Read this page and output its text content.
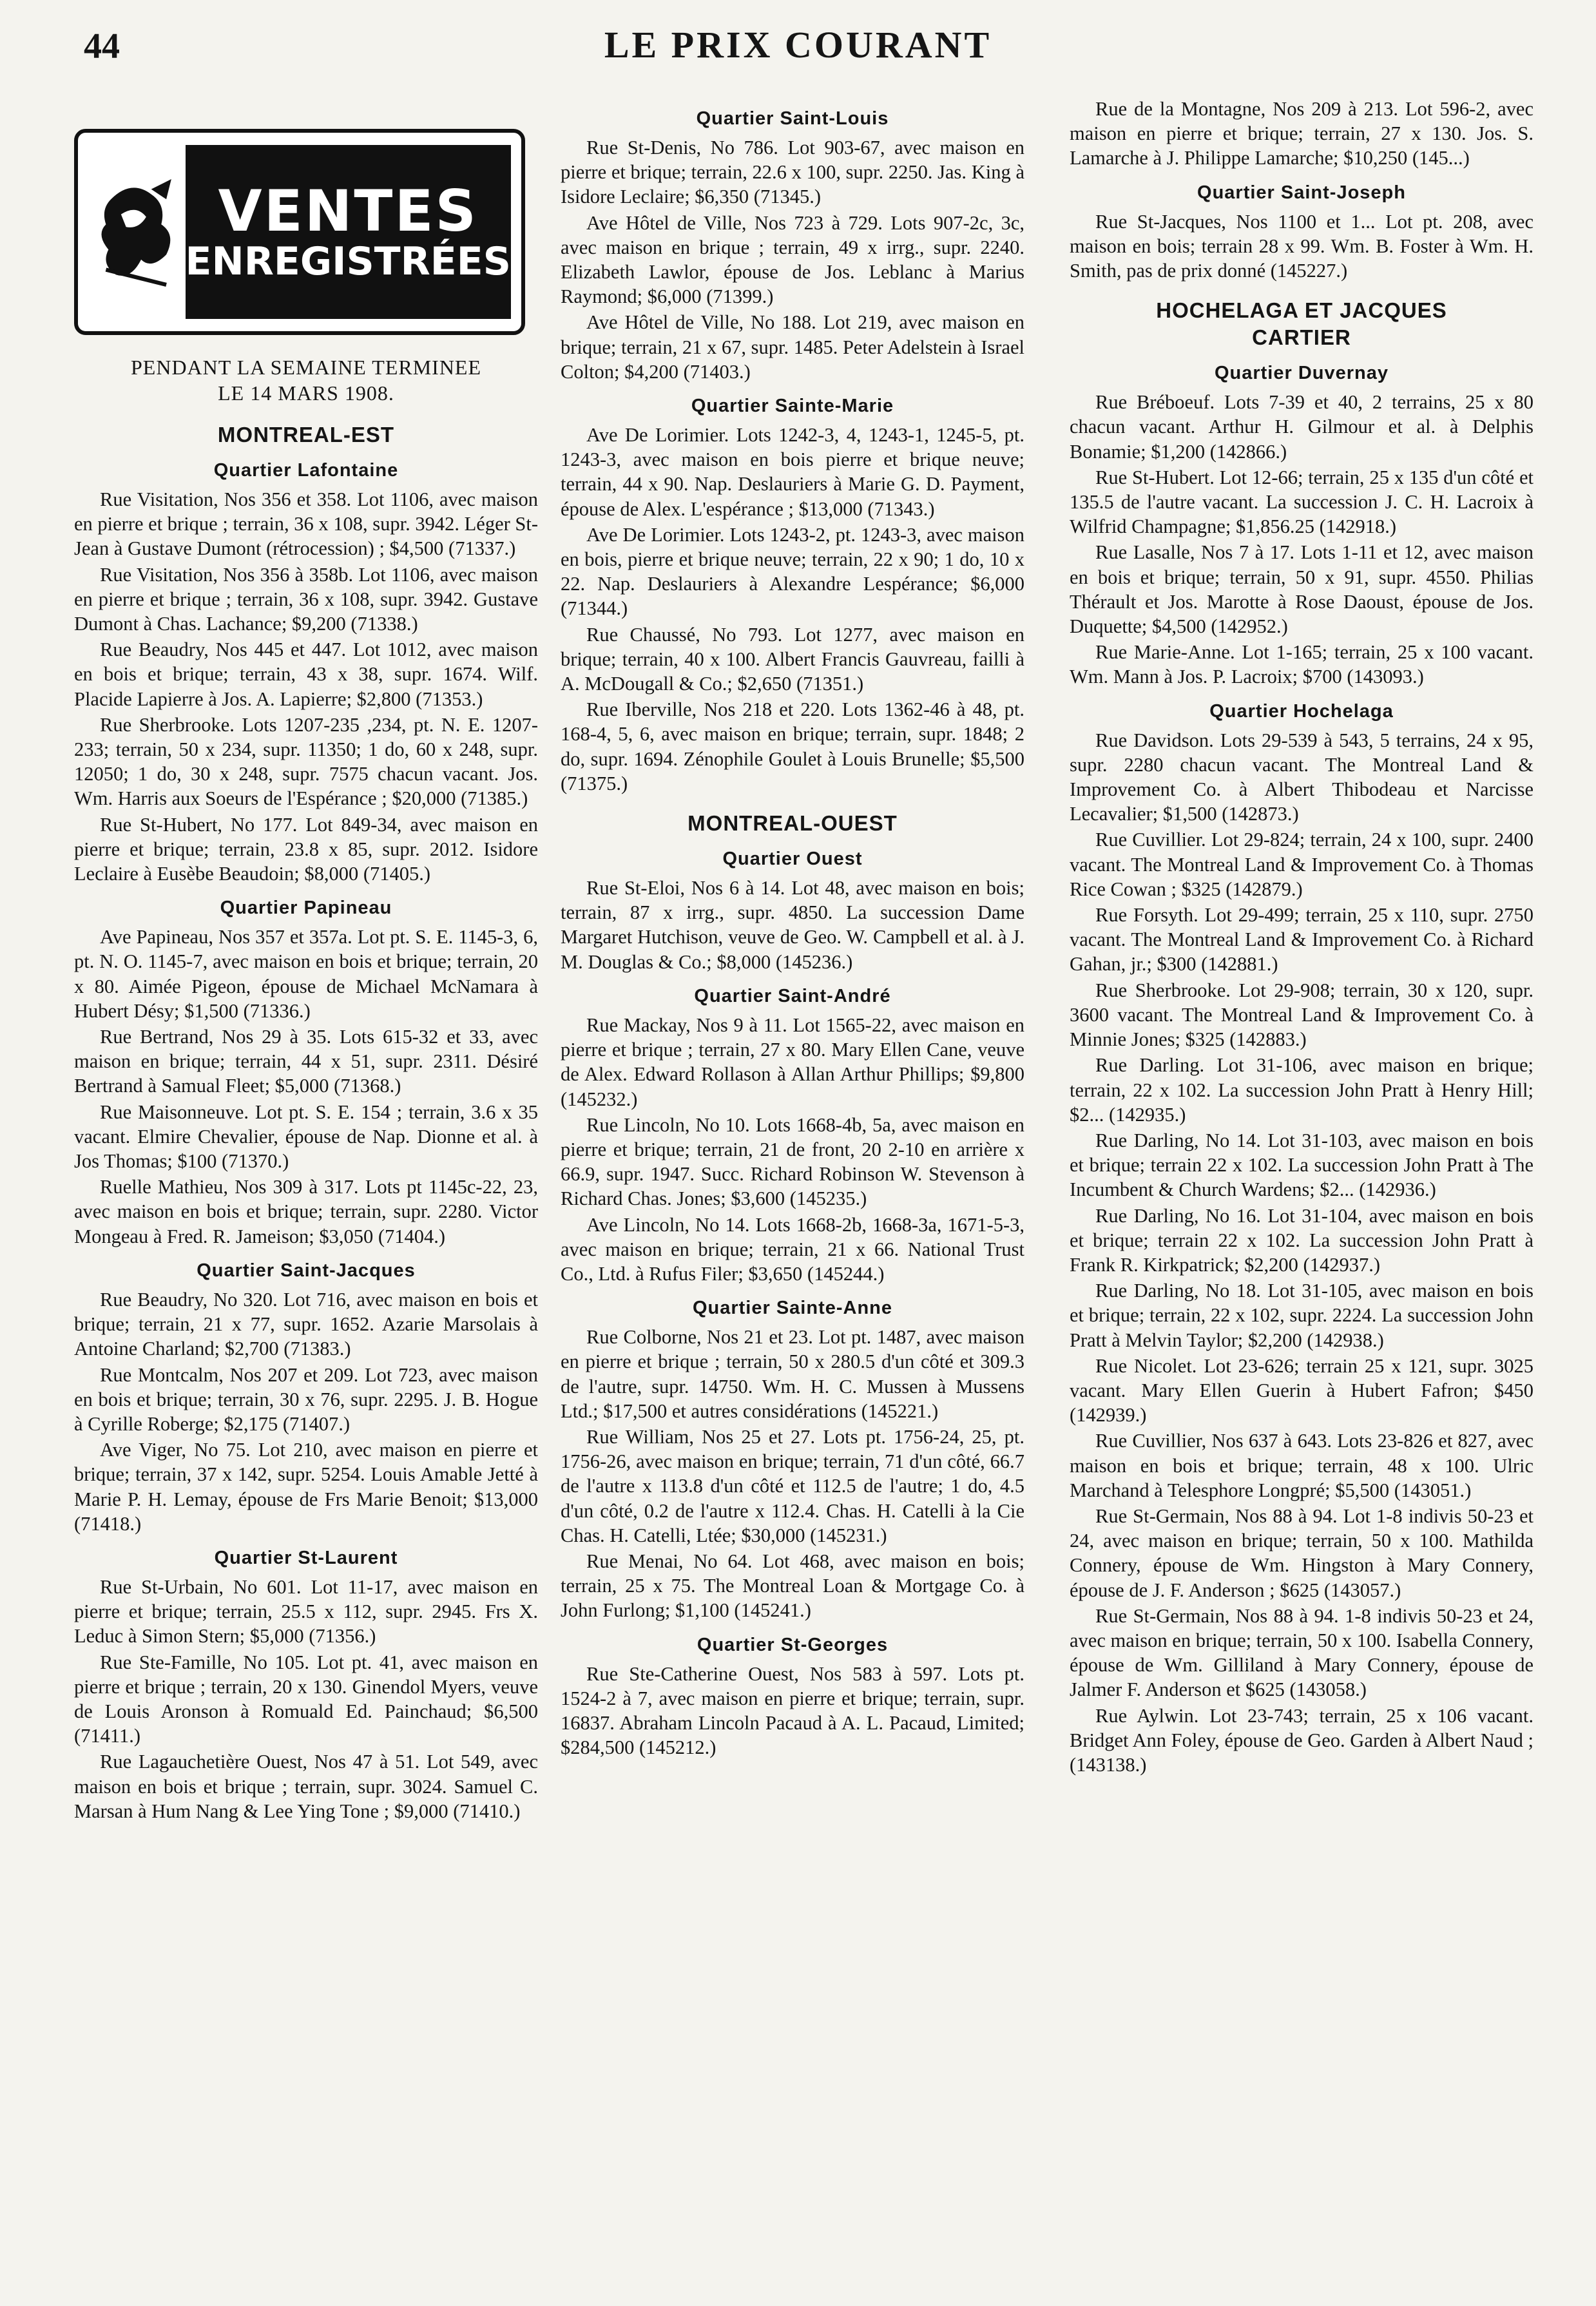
44	LE PRIX COURANT
VENTES
ENREGISTRÉES
PENDANT LA SEMAINE TERMINEE
LE 14 MARS 1908.
MONTREAL-EST
Quartier Lafontaine

Rue Visitation, Nos 356 et 358. Lot 1106, avec maison en pierre et brique ; terrain, 36 x 108, supr. 3942. Léger St-Jean à Gustave Dumont (rétrocession) ; $4,500 (71337.)

Rue Visitation, Nos 356 à 358b. Lot 1106, avec maison en pierre et brique ; terrain, 36 x 108, supr. 3942. Gustave Dumont à Chas. Lachance; $9,200 (71338.)

Rue Beaudry, Nos 445 et 447. Lot 1012, avec maison en bois et brique; terrain, 43 x 38, supr. 1674. Wilf. Placide Lapierre à Jos. A. Lapierre; $2,800 (71353.)

Rue Sherbrooke. Lots 1207-235 ,234, pt. N. E. 1207-233; terrain, 50 x 234, supr. 11350; 1 do, 60 x 248, supr. 12050; 1 do, 30 x 248, supr. 7575 chacun vacant. Jos. Wm. Harris aux Soeurs de l'Espérance ; $20,000 (71385.)

Rue St-Hubert, No 177. Lot 849-34, avec maison en pierre et brique; terrain, 23.8 x 85, supr. 2012. Isidore Leclaire à Eusèbe Beaudoin; $8,000 (71405.)

Quartier Papineau

Ave Papineau, Nos 357 et 357a. Lot pt. S. E. 1145-3, 6, pt. N. O. 1145-7, avec maison en bois et brique; terrain, 20 x 80. Aimée Pigeon, épouse de Michael McNamara à Hubert Désy; $1,500 (71336.)

Rue Bertrand, Nos 29 à 35. Lots 615-32 et 33, avec maison en brique; terrain, 44 x 51, supr. 2311. Désiré Bertrand à Samual Fleet; $5,000 (71368.)

Rue Maisonneuve. Lot pt. S. E. 154 ; terrain, 3.6 x 35 vacant. Elmire Chevalier, épouse de Nap. Dionne et al. à Jos Thomas; $100 (71370.)

Ruelle Mathieu, Nos 309 à 317. Lots pt 1145c-22, 23, avec maison en bois et brique; terrain, supr. 2280. Victor Mongeau à Fred. R. Jameison; $3,050 (71404.)

Quartier Saint-Jacques

Rue Beaudry, No 320. Lot 716, avec maison en bois et brique; terrain, 21 x 77, supr. 1652. Azarie Marsolais à Antoine Charland; $2,700 (71383.)

Rue Montcalm, Nos 207 et 209. Lot 723, avec maison en bois et brique; terrain, 30 x 76, supr. 2295. J. B. Hogue à Cyrille Roberge; $2,175 (71407.)

Ave Viger, No 75. Lot 210, avec maison en pierre et brique; terrain, 37 x 142, supr. 5254. Louis Amable Jetté à Marie P. H. Lemay, épouse de Frs Marie Benoit; $13,000 (71418.)

Quartier St-Laurent

Rue St-Urbain, No 601. Lot 11-17, avec maison en pierre et brique; terrain, 25.5 x 112, supr. 2945. Frs X. Leduc à Simon Stern; $5,000 (71356.)

Rue Ste-Famille, No 105. Lot pt. 41, avec maison en pierre et brique ; terrain, 20 x 130. Ginendol Myers, veuve de Louis Aronson à Romuald Ed. Painchaud; $6,500 (71411.)

Rue Lagauchetière Ouest, Nos 47 à 51. Lot 549, avec maison en bois et brique ; terrain, supr. 3024. Samuel C. Marsan à Hum Nang & Lee Ying Tone ; $9,000 (71410.)

Quartier Saint-Louis

Rue St-Denis, No 786. Lot 903-67, avec maison en pierre et brique; terrain, 22.6 x 100, supr. 2250. Jas. King à Isidore Leclaire; $6,350 (71345.)

Ave Hôtel de Ville, Nos 723 à 729. Lots 907-2c, 3c, avec maison en brique ; terrain, 49 x irrg., supr. 2240. Elizabeth Lawlor, épouse de Jos. Leblanc à Marius Raymond; $6,000 (71399.)

Ave Hôtel de Ville, No 188. Lot 219, avec maison en brique; terrain, 21 x 67, supr. 1485. Peter Adelstein à Israel Colton; $4,200 (71403.)

Quartier Sainte-Marie

Ave De Lorimier. Lots 1242-3, 4, 1243-1, 1245-5, pt. 1243-3, avec maison en bois pierre et brique neuve; terrain, 44 x 90. Nap. Deslauriers à Marie G. D. Payment, épouse de Alex. L'espérance ; $13,000 (71343.)

Ave De Lorimier. Lots 1243-2, pt. 1243-3, avec maison en bois, pierre et brique neuve; terrain, 22 x 90; 1 do, 10 x 22. Nap. Deslauriers à Alexandre Lespérance; $6,000 (71344.)

Rue Chaussé, No 793. Lot 1277, avec maison en brique; terrain, 40 x 100. Albert Francis Gauvreau, failli à A. McDougall & Co.; $2,650 (71351.)

Rue Iberville, Nos 218 et 220. Lots 1362-46 à 48, pt. 168-4, 5, 6, avec maison en brique; terrain, supr. 1848; 2 do, supr. 1694. Zénophile Goulet à Louis Brunelle; $5,500 (71375.)

MONTREAL-OUEST
Quartier Ouest

Rue St-Eloi, Nos 6 à 14. Lot 48, avec maison en bois; terrain, 87 x irrg., supr. 4850. La succession Dame Margaret Hutchison, veuve de Geo. W. Campbell et al. à J. M. Douglas & Co.; $8,000 (145236.)

Quartier Saint-André

Rue Mackay, Nos 9 à 11. Lot 1565-22, avec maison en pierre et brique ; terrain, 27 x 80. Mary Ellen Cane, veuve de Alex. Edward Rollason à Allan Arthur Phillips; $9,800 (145232.)

Rue Lincoln, No 10. Lots 1668-4b, 5a, avec maison en pierre et brique; terrain, 21 de front, 20 2-10 en arrière x 66.9, supr. 1947. Succ. Richard Robinson W. Stevenson à Richard Chas. Jones; $3,600 (145235.)

Ave Lincoln, No 14. Lots 1668-2b, 1668-3a, 1671-5-3, avec maison en brique; terrain, 21 x 66. National Trust Co., Ltd. à Rufus Filer; $3,650 (145244.)

Quartier Sainte-Anne

Rue Colborne, Nos 21 et 23. Lot pt. 1487, avec maison en pierre et brique ; terrain, 50 x 280.5 d'un côté et 309.3 de l'autre, supr. 14750. Wm. H. C. Mussen à Mussens Ltd.; $17,500 et autres considérations (145221.)

Rue William, Nos 25 et 27. Lots pt. 1756-24, 25, pt. 1756-26, avec maison en brique; terrain, 71 d'un côté, 66.7 de l'autre x 113.8 d'un côté et 112.5 de l'autre; 1 do, 4.5 d'un côté, 0.2 de l'autre x 112.4. Chas. H. Catelli à la Cie Chas. H. Catelli, Ltée; $30,000 (145231.)

Rue Menai, No 64. Lot 468, avec maison en bois; terrain, 25 x 75. The Montreal Loan & Mortgage Co. à John Furlong; $1,100 (145241.)

Quartier St-Georges

Rue Ste-Catherine Ouest, Nos 583 à 597. Lots pt. 1524-2 à 7, avec maison en pierre et brique; terrain, supr. 16837. Abraham Lincoln Pacaud à A. L. Pacaud, Limited; $284,500 (145212.)

Rue de la Montagne, Nos 209 à 213. Lot 596-2, avec maison en pierre et brique; terrain, 27 x 130. Jos. S. Lamarche à J. Philippe Lamarche; $10,250 (145...)

Quartier Saint-Joseph

Rue St-Jacques, Nos 1100 et 1... Lot pt. 208, avec maison en bois; terrain 28 x 99. Wm. B. Foster à Wm. H. Smith, pas de prix donné (145227.)

HOCHELAGA ET JACQUES
CARTIER
Quartier Duvernay

Rue Bréboeuf. Lots 7-39 et 40, 2 terrains, 25 x 80 chacun vacant. Arthur H. Gilmour et al. à Delphis Bonamie; $1,200 (142866.)

Rue St-Hubert. Lot 12-66; terrain, 25 x 135 d'un côté et 135.5 de l'autre vacant. La succession J. C. H. Lacroix à Wilfrid Champagne; $1,856.25 (142918.)

Rue Lasalle, Nos 7 à 17. Lots 1-11 et 12, avec maison en bois et brique; terrain, 50 x 91, supr. 4550. Philias Thérault et Jos. Marotte à Rose Daoust, épouse de Jos. Duquette; $4,500 (142952.)

Rue Marie-Anne. Lot 1-165; terrain, 25 x 100 vacant. Wm. Mann à Jos. P. Lacroix; $700 (143093.)

Quartier Hochelaga

Rue Davidson. Lots 29-539 à 543, 5 terrains, 24 x 95, supr. 2280 chacun vacant. The Montreal Land & Improvement Co. à Albert Thibodeau et Narcisse Lecavalier; $1,500 (142873.)

Rue Cuvillier. Lot 29-824; terrain, 24 x 100, supr. 2400 vacant. The Montreal Land & Improvement Co. à Thomas Rice Cowan ; $325 (142879.)

Rue Forsyth. Lot 29-499; terrain, 25 x 110, supr. 2750 vacant. The Montreal Land & Improvement Co. à Richard Gahan, jr.; $300 (142881.)

Rue Sherbrooke. Lot 29-908; terrain, 30 x 120, supr. 3600 vacant. The Montreal Land & Improvement Co. à Minnie Jones; $325 (142883.)

Rue Darling. Lot 31-106, avec maison en brique; terrain, 22 x 102. La succession John Pratt à Henry Hill; $2... (142935.)

Rue Darling, No 14. Lot 31-103, avec maison en bois et brique; terrain 22 x 102. La succession John Pratt à The Incumbent & Church Wardens; $2... (142936.)

Rue Darling, No 16. Lot 31-104, avec maison en bois et brique; terrain 22 x 102. La succession John Pratt à Frank R. Kirkpatrick; $2,200 (142937.)

Rue Darling, No 18. Lot 31-105, avec maison en bois et brique; terrain, 22 x 102, supr. 2224. La succession John Pratt à Melvin Taylor; $2,200 (142938.)

Rue Nicolet. Lot 23-626; terrain 25 x 121, supr. 3025 vacant. Mary Ellen Guerin à Hubert Fafron; $450 (142939.)

Rue Cuvillier, Nos 637 à 643. Lots 23-826 et 827, avec maison en bois et brique; terrain, 48 x 100. Ulric Marchand à Telesphore Longpré; $5,500 (143051.)

Rue St-Germain, Nos 88 à 94. Lot 1-8 indivis 50-23 et 24, avec maison en brique; terrain, 50 x 100. Mathilda Connery, épouse de Wm. Hingston à Mary Connery, épouse de J. F. Anderson ; $625 (143057.)

Rue St-Germain, Nos 88 à 94. 1-8 indivis 50-23 et 24, avec maison en brique; terrain, 50 x 100. Isabella Connery, épouse de Wm. Gilliland à Mary Connery, épouse de Jalmer F. Anderson et $625 (143058.)

Rue Aylwin. Lot 23-743; terrain, 25 x 106 vacant. Bridget Ann Foley, épouse de Geo. Garden à Albert Naud ; (143138.)
